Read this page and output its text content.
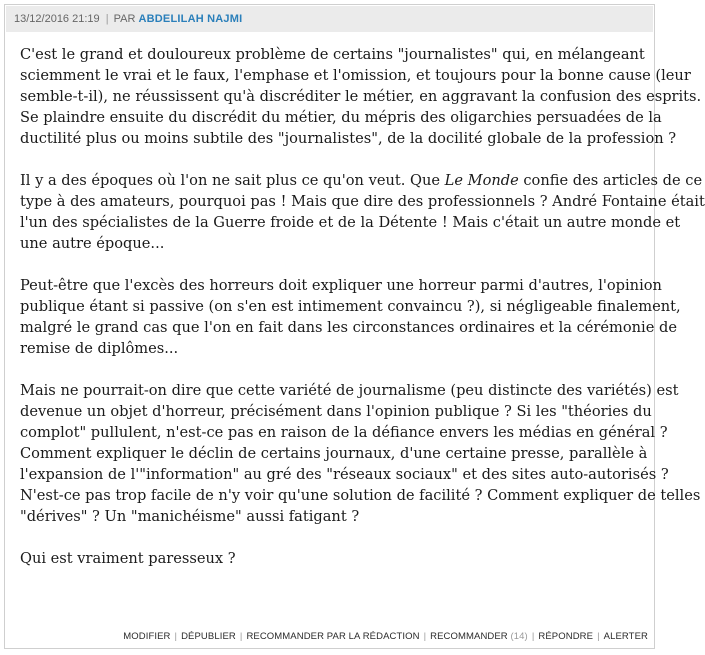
13/12/2016 21:19 | PAR ABDELILAH NAJMI

C'est le grand et douloureux problème de certains "journalistes" qui, en mélangeant
sciemment le vrai et le faux, l'emphase et l'omission, et toujours pour la bonne cause (leur
semble-t-il), ne réussissent qu'à discréditer le métier, en aggravant la confusion des esprits.
Se plaindre ensuite du discrédit du métier, du mépris des oligarchies persuadées de la
ductilité plus ou moins subtile des "journalistes", de la docilité globale de la profession ?

Il y a des époques où l'on ne sait plus ce qu'on veut. Que Le Monde confie des articles de ce
type à des amateurs, pourquoi pas ! Mais que dire des professionnels ? André Fontaine était
l'un des spécialistes de la Guerre froide et de la Détente ! Mais c'était un autre monde et
une autre époque...

Peut-être que l'excès des horreurs doit expliquer une horreur parmi d'autres, l'opinion
publique étant si passive (on s'en est intimement convaincu ?), si négligeable finalement,
malgré le grand cas que l'on en fait dans les circonstances ordinaires et la cérémonie de
remise de diplômes...

Mais ne pourrait-on dire que cette variété de journalisme (peu distincte des variétés) est
devenue un objet d'horreur, précisément dans l'opinion publique ? Si les "théories du
complot" pullulent, n'est-ce pas en raison de la défiance envers les médias en général ?
Comment expliquer le déclin de certains journaux, d'une certaine presse, parallèle à
l'expansion de l'"information" au gré des "réseaux sociaux" et des sites auto-autorisés ?
N'est-ce pas trop facile de n'y voir qu'une solution de facilité ? Comment expliquer de telles
"dérives" ? Un "manichéisme" aussi fatigant ?

Qui est vraiment paresseux ?

MODIFIER | DÉPUBLIER | RECOMMANDER PAR LA RÉDACTION | RECOMMANDER (14) | RÉPONDRE | ALERTER
